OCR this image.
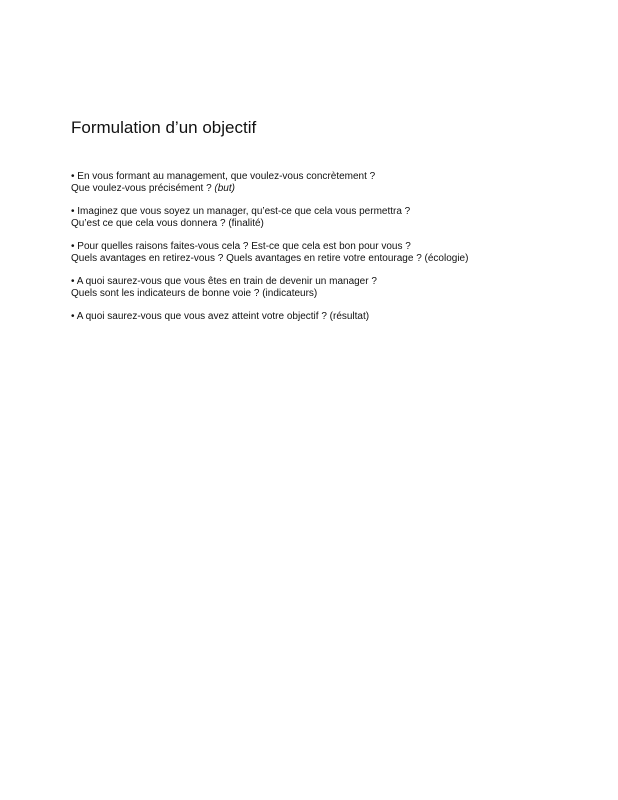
Formulation d’un objectif

• En vous formant au management, que voulez-vous concrètement ?
Que voulez-vous précisément ? (but)

• Imaginez que vous soyez un manager, qu’est-ce que cela vous permettra ?
Qu’est ce que cela vous donnera ? (finalité)

• Pour quelles raisons faites-vous cela ? Est-ce que cela est bon pour vous ?
Quels avantages en retirez-vous ? Quels avantages en retire votre entourage ? (écologie)

• A quoi saurez-vous que vous êtes en train de devenir un manager ?
Quels sont les indicateurs de bonne voie ? (indicateurs)

• A quoi saurez-vous que vous avez atteint votre objectif ? (résultat)
